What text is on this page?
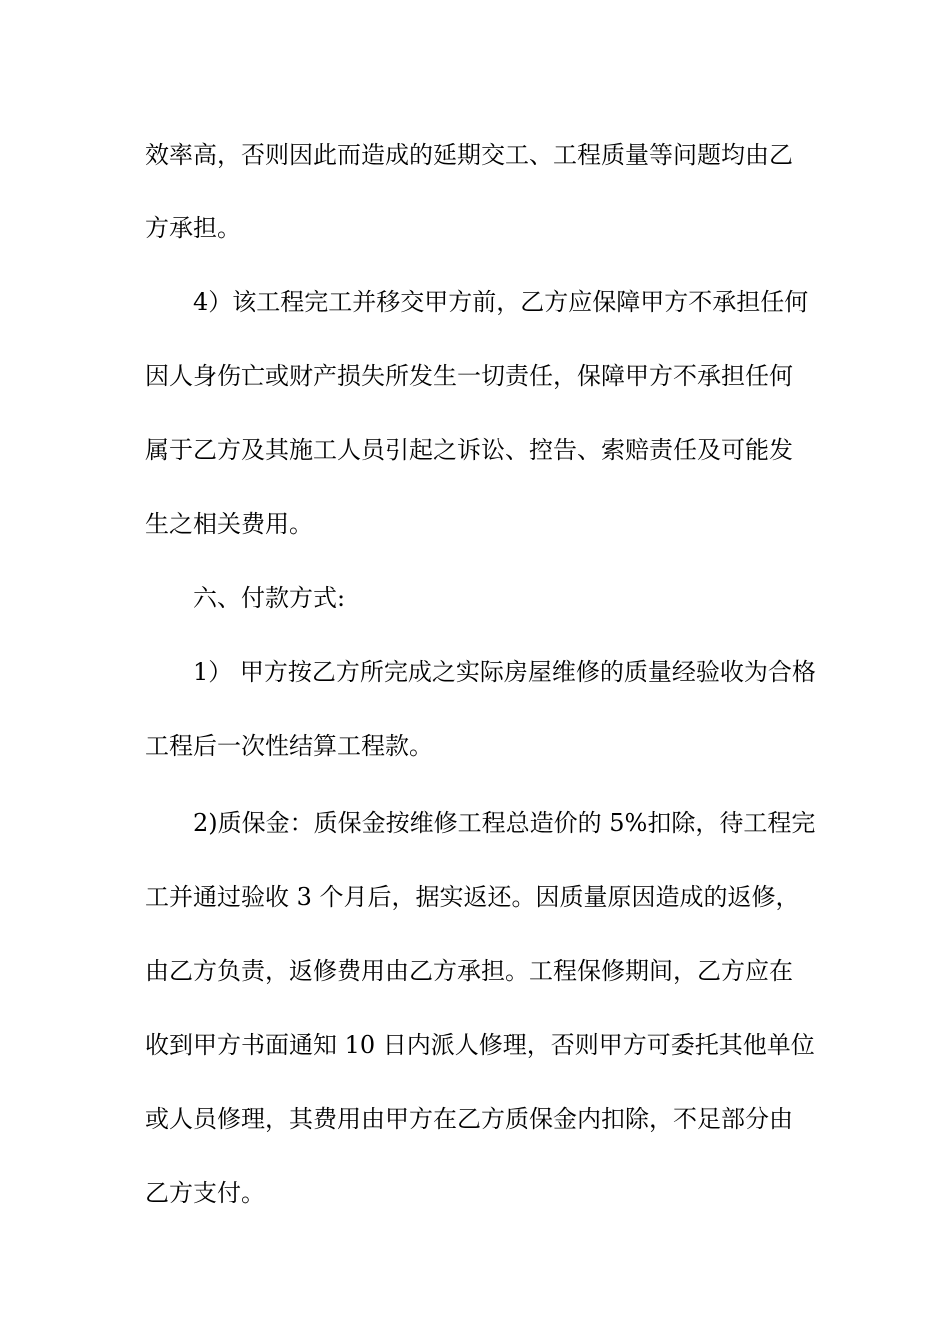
效率高，否则因此而造成的延期交工、工程质量等问题均由乙
方承担。
4）该工程完工并移交甲方前，乙方应保障甲方不承担任何
因人身伤亡或财产损失所发生一切责任，保障甲方不承担任何
属于乙方及其施工人员引起之诉讼、控告、索赔责任及可能发
生之相关费用。
六、付款方式:
1） 甲方按乙方所完成之实际房屋维修的质量经验收为合格
工程后一次性结算工程款。
2)质保金：质保金按维修工程总造价的 5%扣除，待工程完
工并通过验收 3 个月后，据实返还。因质量原因造成的返修，
由乙方负责，返修费用由乙方承担。工程保修期间，乙方应在
收到甲方书面通知 10 日内派人修理，否则甲方可委托其他单位
或人员修理，其费用由甲方在乙方质保金内扣除，不足部分由
乙方支付。
